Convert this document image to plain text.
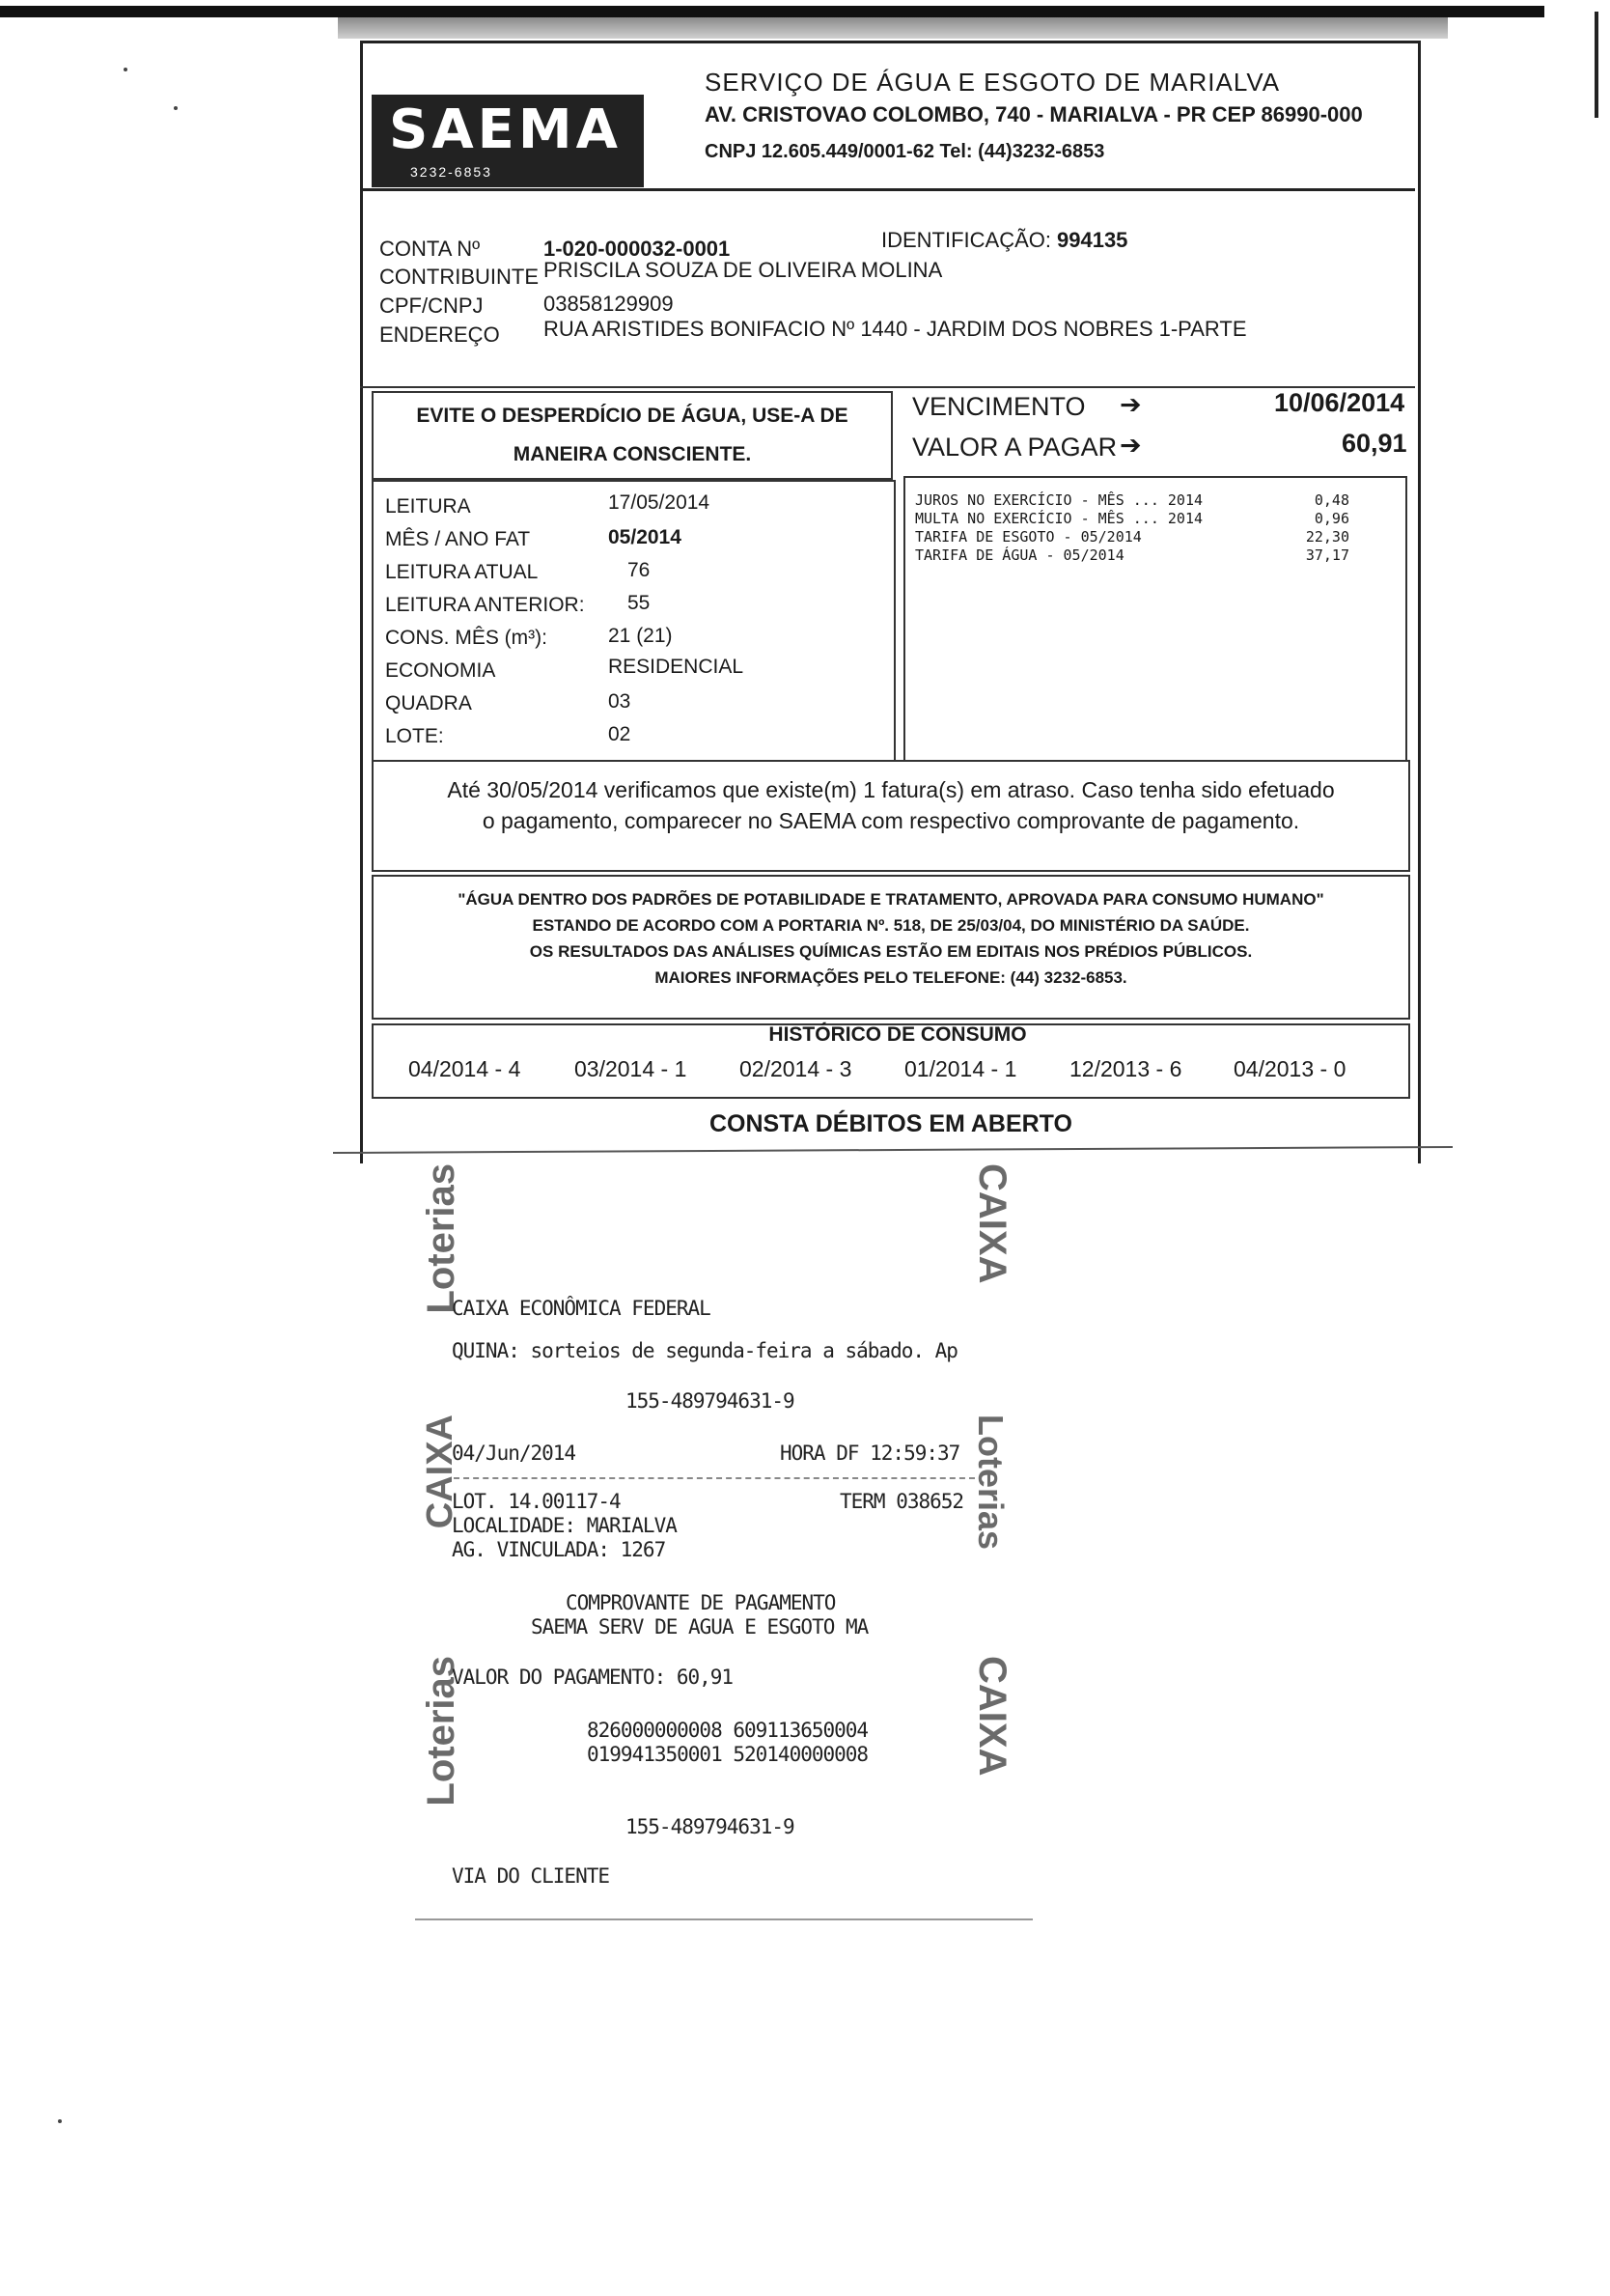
SAEMA
3232-6853
SERVIÇO DE ÁGUA E ESGOTO DE MARIALVA
AV. CRISTOVAO COLOMBO, 740 - MARIALVA - PR CEP 86990-000
CNPJ 12.605.449/0001-62 Tel: (44)3232-6853
CONTA Nº	1-020-000032-0001	IDENTIFICAÇÃO: 994135
CONTRIBUINTE PRISCILA SOUZA DE OLIVEIRA MOLINA
CPF/CNPJ	03858129909
ENDEREÇO RUA ARISTIDES BONIFACIO Nº 1440 - JARDIM DOS NOBRES 1-PARTE
EVITE O DESPERDÍCIO DE ÁGUA, USE-A DE
MANEIRA CONSCIENTE.
VENCIMENTO ➔	10/06/2014
VALOR A PAGAR ➔	60,91
LEITURA	17/05/2014
MÊS / ANO FAT	05/2014
LEITURA ATUAL	76
LEITURA ANTERIOR: 55
CONS. MÊS (m³):	21 (21)
ECONOMIA	RESIDENCIAL
QUADRA	03
LOTE:	02
JUROS NO EXERCÍCIO - MÊS ... 2014	0,48
MULTA NO EXERCÍCIO - MÊS ... 2014	0,96
TARIFA DE ESGOTO - 05/2014	22,30
TARIFA DE ÁGUA - 05/2014	37,17
Até 30/05/2014 verificamos que existe(m) 1 fatura(s) em atraso. Caso tenha sido efetuado
o pagamento, comparecer no SAEMA com respectivo comprovante de pagamento.
"ÁGUA DENTRO DOS PADRÕES DE POTABILIDADE E TRATAMENTO, APROVADA PARA CONSUMO HUMANO"
ESTANDO DE ACORDO COM A PORTARIA Nº. 518, DE 25/03/04, DO MINISTÉRIO DA SAÚDE.
OS RESULTADOS DAS ANÁLISES QUÍMICAS ESTÃO EM EDITAIS NOS PRÉDIOS PÚBLICOS.
MAIORES INFORMAÇÕES PELO TELEFONE: (44) 3232-6853.
HISTÓRICO DE CONSUMO
04/2014 - 4 03/2014 - 1 02/2014 - 3 01/2014 - 1 12/2013 - 6 04/2013 - 0
CONSTA DÉBITOS EM ABERTO
Loterias	CAIXA
CAIXA	Loterias
Loterias	CAIXA
CAIXA ECONÔMICA FEDERAL
QUINA: sorteios de segunda-feira a sábado. Ap
155-489794631-9
04/Jun/2014	HORA DF 12:59:37
LOT. 14.00117-4	TERM 038652
LOCALIDADE: MARIALVA
AG. VINCULADA: 1267
COMPROVANTE DE PAGAMENTO
SAEMA SERV DE AGUA E ESGOTO MA
VALOR DO PAGAMENTO: 60,91
826000000008 609113650004
019941350001 520140000008
155-489794631-9
VIA DO CLIENTE
